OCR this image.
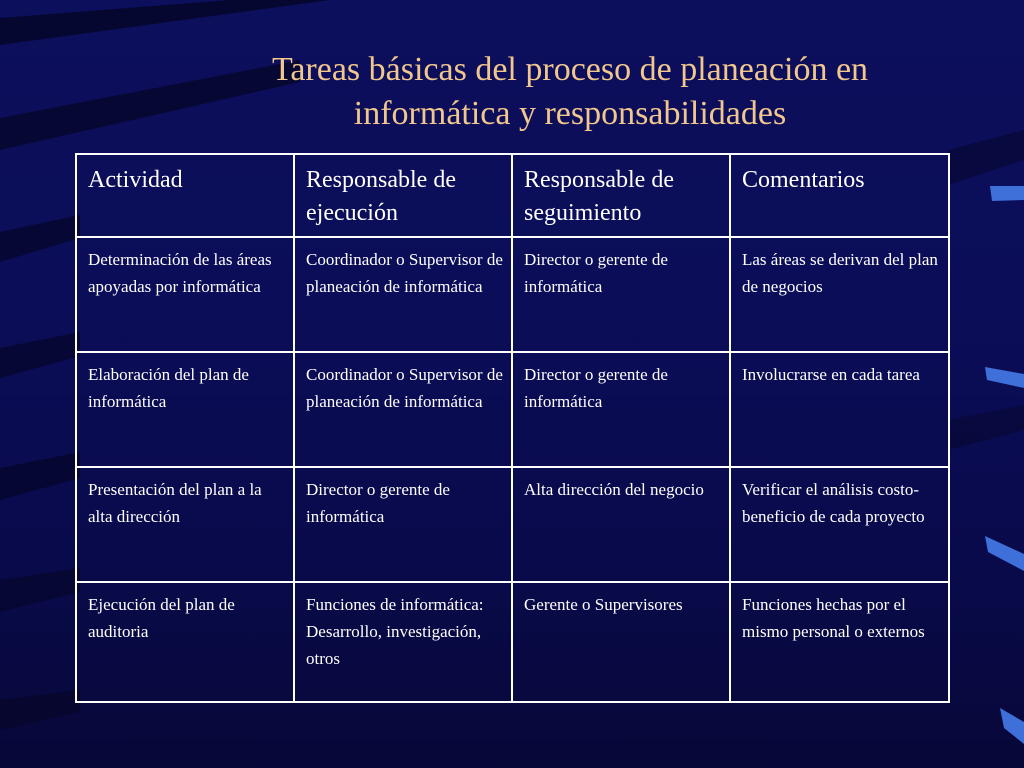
Tareas básicas del proceso de planeación en
informática y responsabilidades
Actividad	Responsable de ejecución	Responsable de seguimiento	Comentarios
Determinación de las áreas apoyadas por informática	Coordinador o Supervisor de planeación de informática	Director o gerente de informática	Las áreas se derivan del plan de negocios
Elaboración del plan de informática	Coordinador o Supervisor de planeación de informática	Director o gerente de informática	Involucrarse en cada tarea
Presentación del plan a la alta dirección	Director o gerente de informática	Alta dirección del negocio	Verificar el análisis costo-beneficio de cada proyecto
Ejecución del plan de auditoria	Funciones de informática: Desarrollo, investigación, otros	Gerente o Supervisores	Funciones hechas por el mismo personal o externos
